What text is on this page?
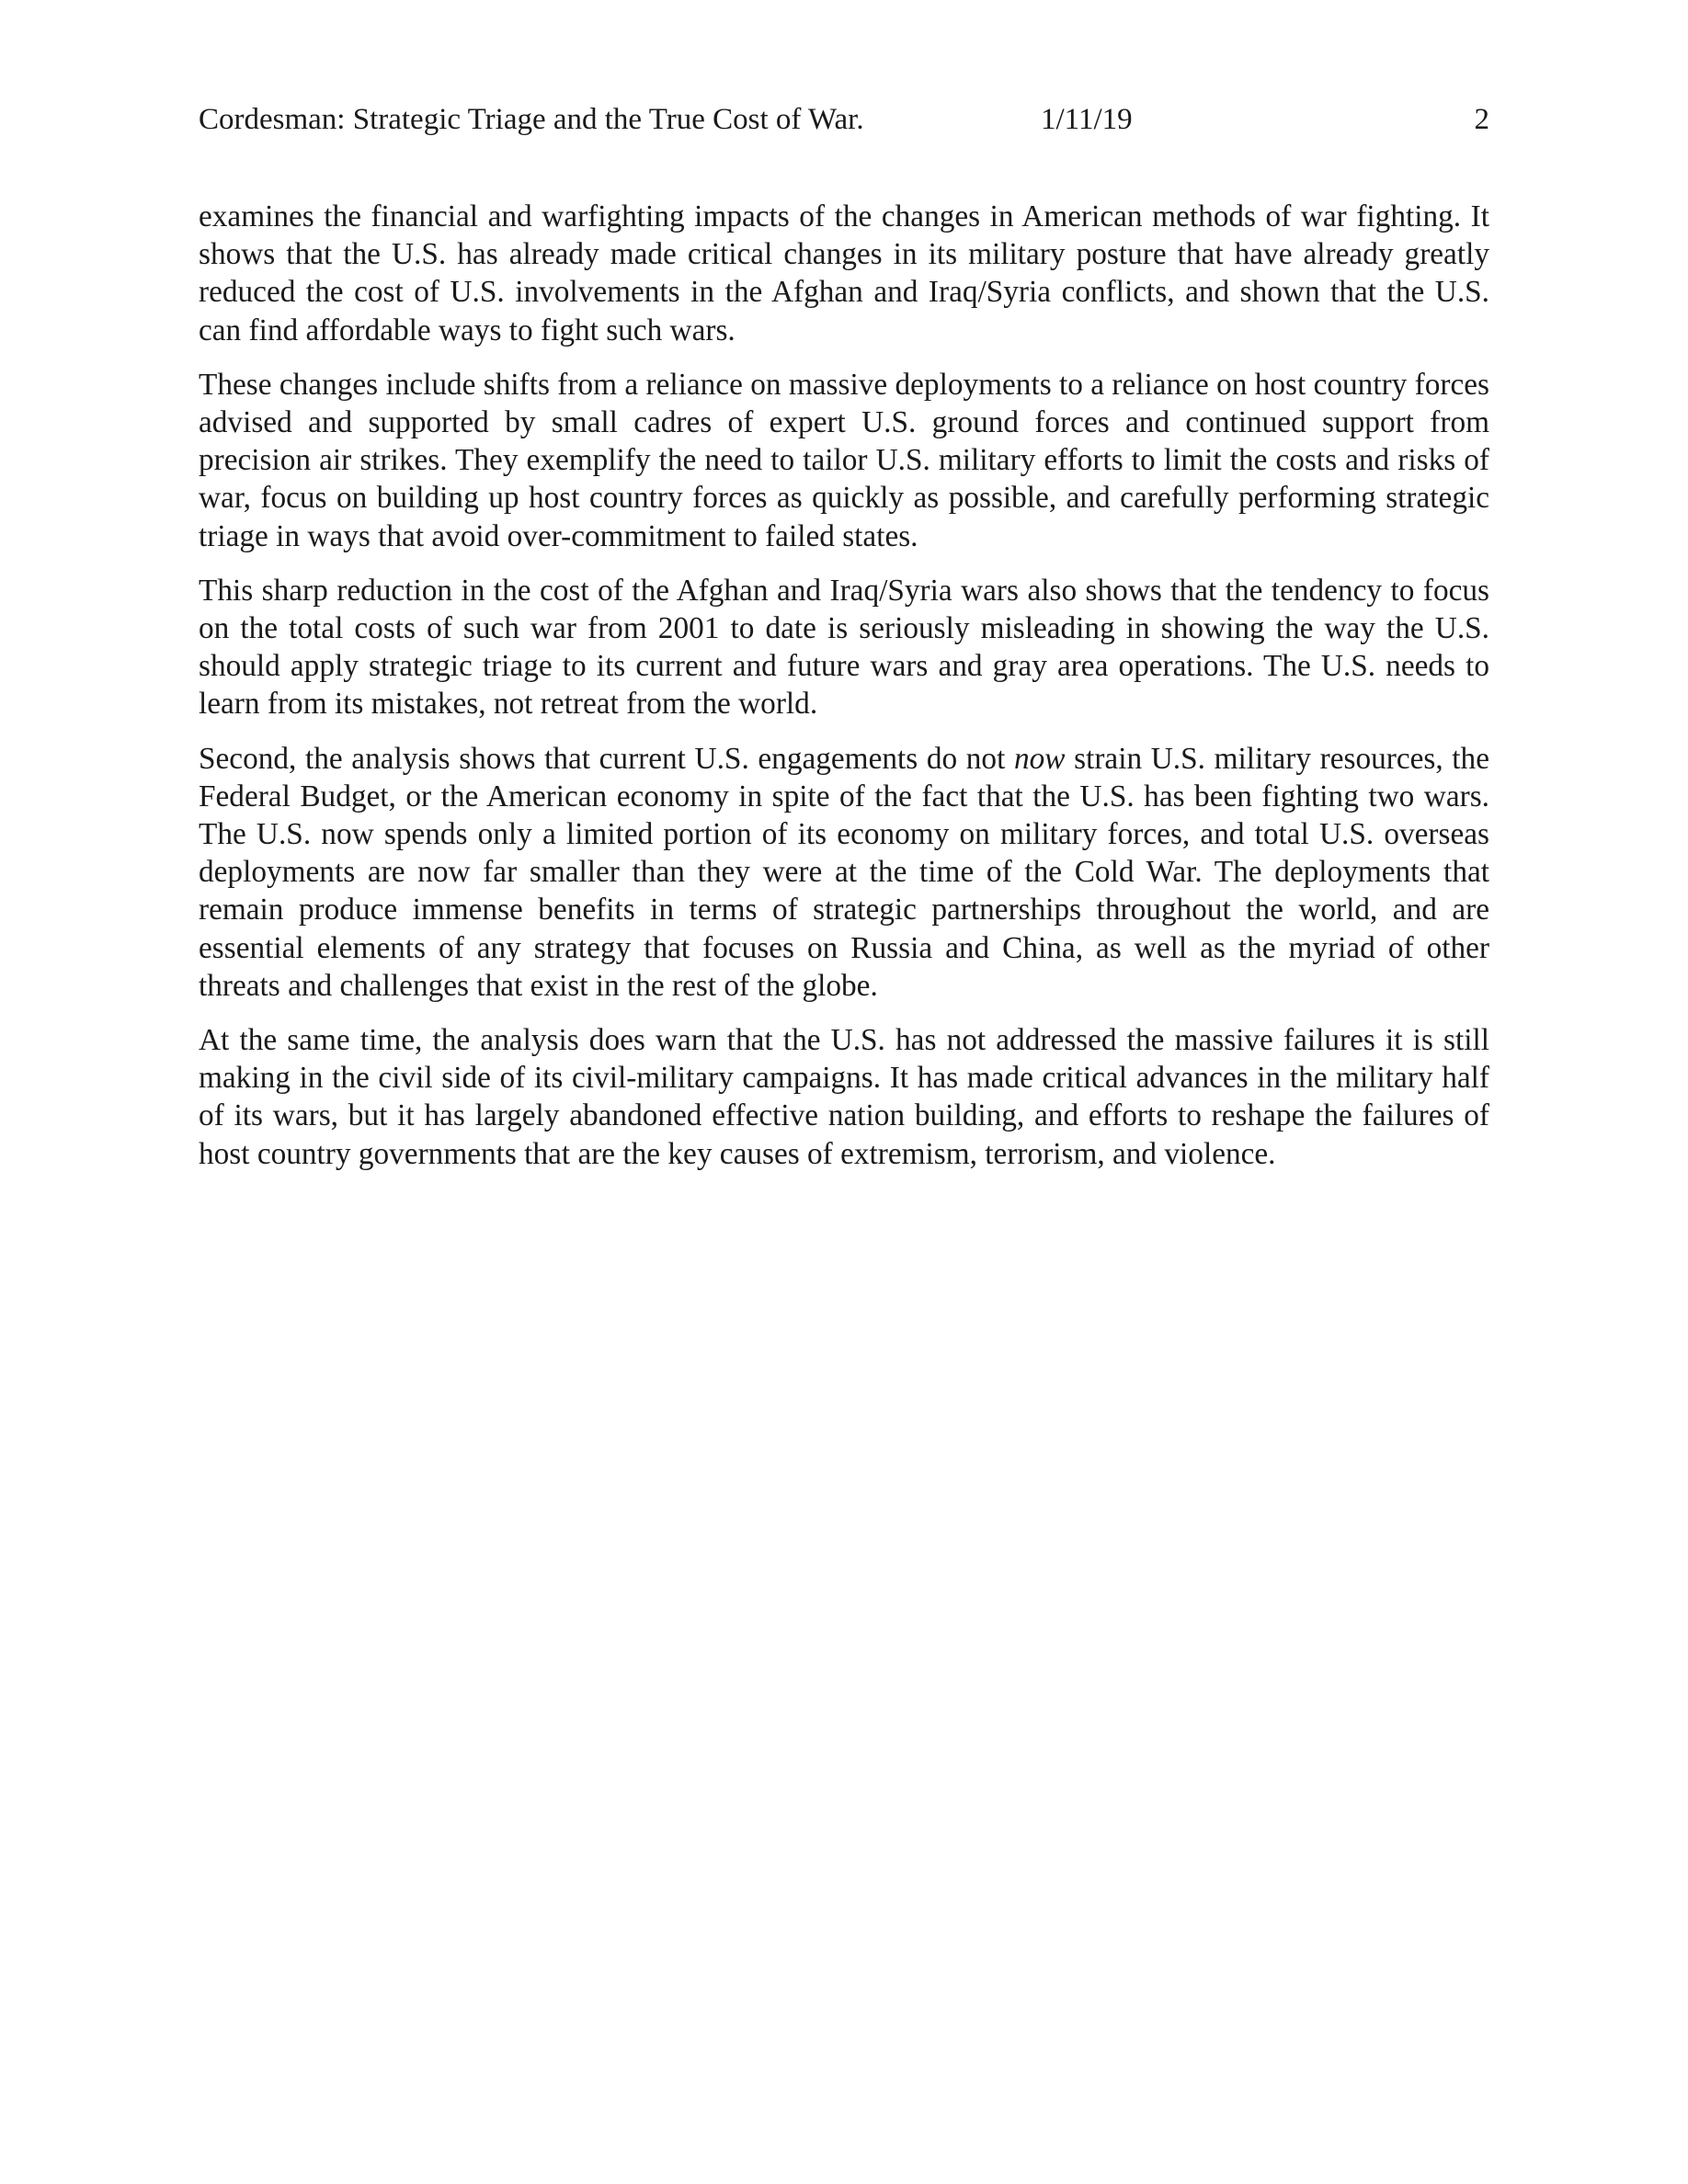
Cordesman: Strategic Triage and the True Cost of War.	1/11/19	2

examines the financial and warfighting impacts of the changes in American methods of war fighting. It shows that the U.S. has already made critical changes in its military posture that have already greatly reduced the cost of U.S. involvements in the Afghan and Iraq/Syria conflicts, and shown that the U.S. can find affordable ways to fight such wars.

These changes include shifts from a reliance on massive deployments to a reliance on host country forces advised and supported by small cadres of expert U.S. ground forces and continued support from precision air strikes. They exemplify the need to tailor U.S. military efforts to limit the costs and risks of war, focus on building up host country forces as quickly as possible, and carefully performing strategic triage in ways that avoid over-commitment to failed states.

This sharp reduction in the cost of the Afghan and Iraq/Syria wars also shows that the tendency to focus on the total costs of such war from 2001 to date is seriously misleading in showing the way the U.S. should apply strategic triage to its current and future wars and gray area operations. The U.S. needs to learn from its mistakes, not retreat from the world.

Second, the analysis shows that current U.S. engagements do not now strain U.S. military resources, the Federal Budget, or the American economy in spite of the fact that the U.S. has been fighting two wars. The U.S. now spends only a limited portion of its economy on military forces, and total U.S. overseas deployments are now far smaller than they were at the time of the Cold War. The deployments that remain produce immense benefits in terms of strategic partnerships throughout the world, and are essential elements of any strategy that focuses on Russia and China, as well as the myriad of other threats and challenges that exist in the rest of the globe.

At the same time, the analysis does warn that the U.S. has not addressed the massive failures it is still making in the civil side of its civil-military campaigns. It has made critical advances in the military half of its wars, but it has largely abandoned effective nation building, and efforts to reshape the failures of host country governments that are the key causes of extremism, terrorism, and violence.
